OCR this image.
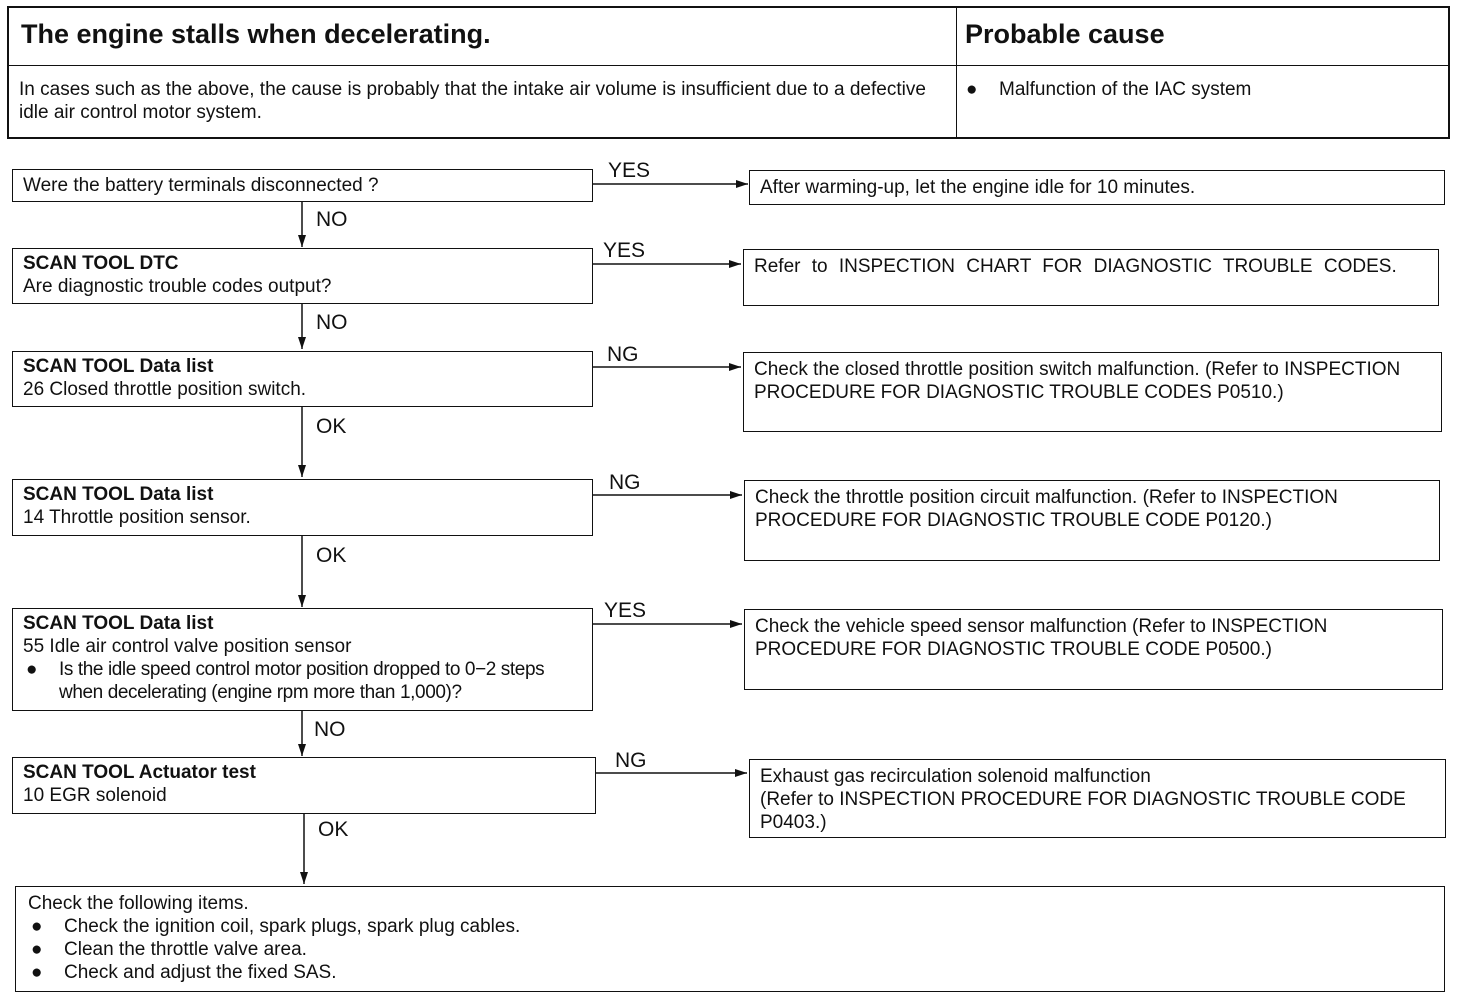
The engine stalls when decelerating.	Probable cause
In cases such as the above, the cause is probably that the intake air volume is insufficient due to a defective idle air control motor system.
●	Malfunction of the IAC system
Were the battery terminals disconnected ?
SCAN TOOL DTC
Are diagnostic trouble codes output?
SCAN TOOL Data list
26 Closed throttle position switch.
SCAN TOOL Data list
14 Throttle position sensor.
SCAN TOOL Data list
55 Idle air control valve position sensor
● Is the idle speed control motor position dropped to 0−2 steps when decelerating (engine rpm more than 1,000)?
SCAN TOOL Actuator test
10 EGR solenoid
After warming-up, let the engine idle for 10 minutes.
Refer to INSPECTION CHART FOR DIAGNOSTIC TROUBLE CODES.
Check the closed throttle position switch malfunction. (Refer to INSPECTION PROCEDURE FOR DIAGNOSTIC TROUBLE CODES P0510.)
Check the throttle position circuit malfunction. (Refer to INSPECTION PROCEDURE FOR DIAGNOSTIC TROUBLE CODE P0120.)
Check the vehicle speed sensor malfunction (Refer to INSPECTION PROCEDURE FOR DIAGNOSTIC TROUBLE CODE P0500.)
Exhaust gas recirculation solenoid malfunction
(Refer to INSPECTION PROCEDURE FOR DIAGNOSTIC TROUBLE CODE P0403.)
YES
YES
NG
NG
YES
NG
NO
NO
OK
OK
NO
OK
Check the following items.
● Check the ignition coil, spark plugs, spark plug cables.
● Clean the throttle valve area.
● Check and adjust the fixed SAS.
